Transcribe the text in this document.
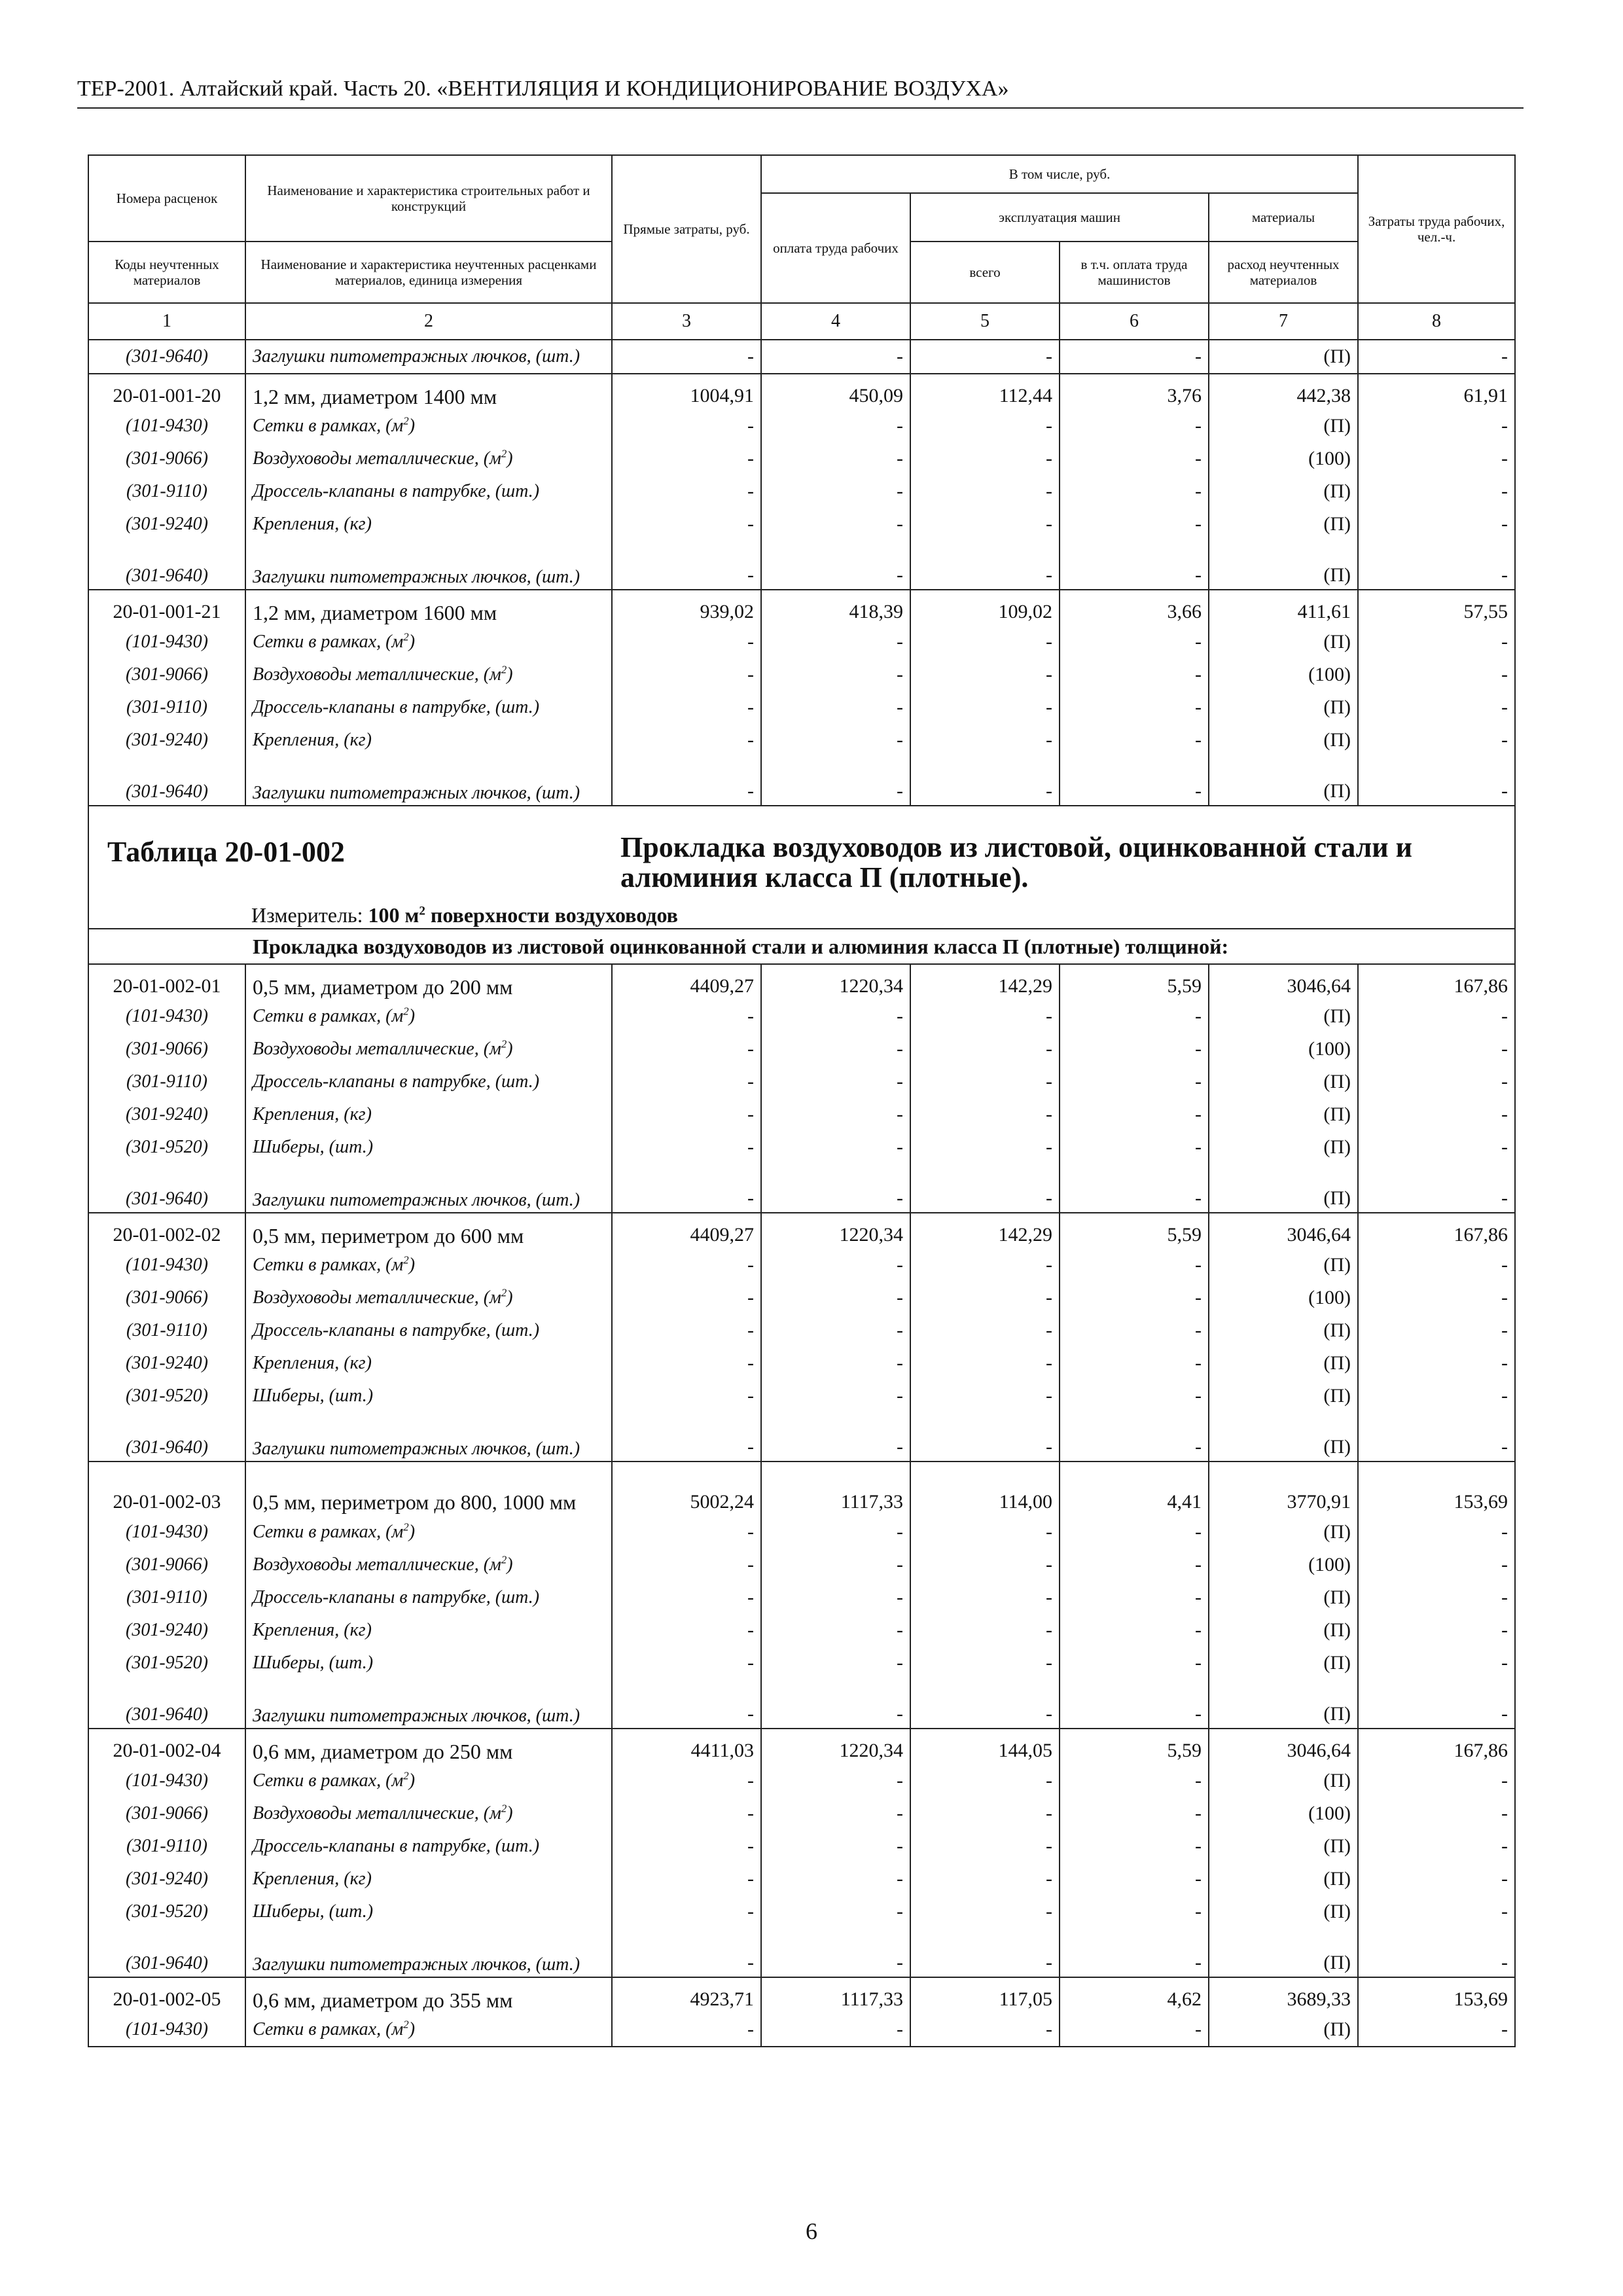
ТЕР-2001. Алтайский край. Часть 20. «ВЕНТИЛЯЦИЯ И КОНДИЦИОНИРОВАНИЕ ВОЗДУХА»
Номера расценок	Наименование и характеристика строительных работ и конструкций	Прямые затраты, руб.	В том числе, руб.				Затраты труда рабочих, чел.-ч.
			оплата труда рабочих	эксплуатация машин		материалы	
Коды неучтенных материалов	Наименование и характеристика неучтенных расценками материалов, единица измерения			всего	в т.ч. оплата труда машинистов	расход неучтенных материалов	
1	2	3	4	5	6	7	8
(301-9640)	Заглушки питометражных лючков, (шт.)	-	-	-	-	(П)	-
20-01-001-20	1,2 мм, диаметром 1400 мм	1004,91	450,09	112,44	3,76	442,38	61,91
(101-9430)	Сетки в рамках, $(м^2)$	-	-	-	-	(П)	-
(301-9066)	Воздуховоды металлические, $(м^2)$	-	-	-	-	(100)	-
(301-9110)	Дроссель-клапаны в патрубке, (шт.)	-	-	-	-	(П)	-
(301-9240)	Крепления, (кг)	-	-	-	-	(П)	-
(301-9640)	Заглушки питометражных лючков, (шт.)	-	-	-	-	(П)	-
20-01-001-21	1,2 мм, диаметром 1600 мм	939,02	418,39	109,02	3,66	411,61	57,55
(101-9430)	Сетки в рамках, $(м^2)$	-	-	-	-	(П)	-
(301-9066)	Воздуховоды металлические, $(м^2)$	-	-	-	-	(100)	-
(301-9110)	Дроссель-клапаны в патрубке, (шт.)	-	-	-	-	(П)	-
(301-9240)	Крепления, (кг)	-	-	-	-	(П)	-
(301-9640)	Заглушки питометражных лючков, (шт.)	-	-	-	-	(П)	-

Таблица 20-01-002 Прокладка воздуховодов из листовой, оцинкованной стали и алюминия класса П (плотные).
Измеритель: 100 $м^2$ поверхности воздуховодов							

Прокладка воздуховодов из листовой оцинкованной стали и алюминия класса П (плотные) толщиной:							
20-01-002-01	0,5 мм, диаметром до 200 мм	4409,27	1220,34	142,29	5,59	3046,64	167,86
(101-9430)	Сетки в рамках, $(м^2)$	-	-	-	-	(П)	-
(301-9066)	Воздуховоды металлические, $(м^2)$	-	-	-	-	(100)	-
(301-9110)	Дроссель-клапаны в патрубке, (шт.)	-	-	-	-	(П)	-
(301-9240)	Крепления, (кг)	-	-	-	-	(П)	-
(301-9520)	Шиберы, (шт.)	-	-	-	-	(П)	-
(301-9640)	Заглушки питометражных лючков, (шт.)	-	-	-	-	(П)	-
20-01-002-02	0,5 мм, периметром до 600 мм	4409,27	1220,34	142,29	5,59	3046,64	167,86
(101-9430)	Сетки в рамках, $(м^2)$	-	-	-	-	(П)	-
(301-9066)	Воздуховоды металлические, $(м^2)$	-	-	-	-	(100)	-
(301-9110)	Дроссель-клапаны в патрубке, (шт.)	-	-	-	-	(П)	-
(301-9240)	Крепления, (кг)	-	-	-	-	(П)	-
(301-9520)	Шиберы, (шт.)	-	-	-	-	(П)	-
(301-9640)	Заглушки питометражных лючков, (шт.)	-	-	-	-	(П)	-
20-01-002-03	0,5 мм, периметром до 800, 1000 мм	5002,24	1117,33	114,00	4,41	3770,91	153,69
(101-9430)	Сетки в рамках, $(м^2)$	-	-	-	-	(П)	-
(301-9066)	Воздуховоды металлические, $(м^2)$	-	-	-	-	(100)	-
(301-9110)	Дроссель-клапаны в патрубке, (шт.)	-	-	-	-	(П)	-
(301-9240)	Крепления, (кг)	-	-	-	-	(П)	-
(301-9520)	Шиберы, (шт.)	-	-	-	-	(П)	-
(301-9640)	Заглушки питометражных лючков, (шт.)	-	-	-	-	(П)	-
20-01-002-04	0,6 мм, диаметром до 250 мм	4411,03	1220,34	144,05	5,59	3046,64	167,86
(101-9430)	Сетки в рамках, $(м^2)$	-	-	-	-	(П)	-
(301-9066)	Воздуховоды металлические, $(м^2)$	-	-	-	-	(100)	-
(301-9110)	Дроссель-клапаны в патрубке, (шт.)	-	-	-	-	(П)	-
(301-9240)	Крепления, (кг)	-	-	-	-	(П)	-
(301-9520)	Шиберы, (шт.)	-	-	-	-	(П)	-
(301-9640)	Заглушки питометражных лючков, (шт.)	-	-	-	-	(П)	-
20-01-002-05	0,6 мм, диаметром до 355 мм	4923,71	1117,33	117,05	4,62	3689,33	153,69
(101-9430)	Сетки в рамках, $(м^2)$	-	-	-	-	(П)	-
6
